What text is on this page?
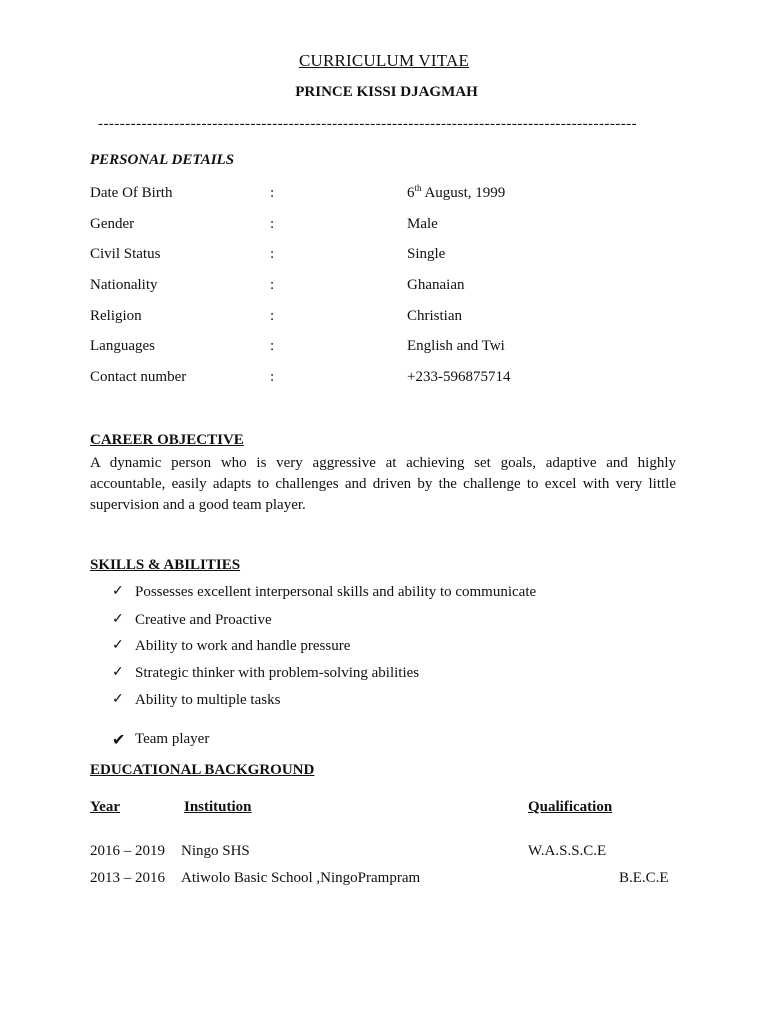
CURRICULUM VITAE
PRINCE KISSI DJAGMAH
---------------------------------------------------------------------------------------------------
PERSONAL DETAILS
Date Of Birth	:	6th August, 1999
Gender	:	Male
Civil Status	:	Single
Nationality	:	Ghanaian
Religion	:	Christian
Languages	:	English and Twi
Contact number	:	+233-596875714
CAREER OBJECTIVE
A dynamic person who is very aggressive at achieving set goals, adaptive and highly accountable, easily adapts to challenges and driven by the challenge to excel with very little supervision and a good team player.
SKILLS & ABILITIES
✓ Possesses excellent interpersonal skills and ability to communicate
✓ Creative and Proactive
✓ Ability to work and handle pressure
✓ Strategic thinker with problem-solving abilities
✓ Ability to multiple tasks
✔ Team player
EDUCATIONAL BACKGROUND
Year	Institution	Qualification
2016 – 2019 Ningo SHS	W.A.S.S.C.E
2013 – 2016 Atiwolo Basic School ,NingoPrampram	B.E.C.E
